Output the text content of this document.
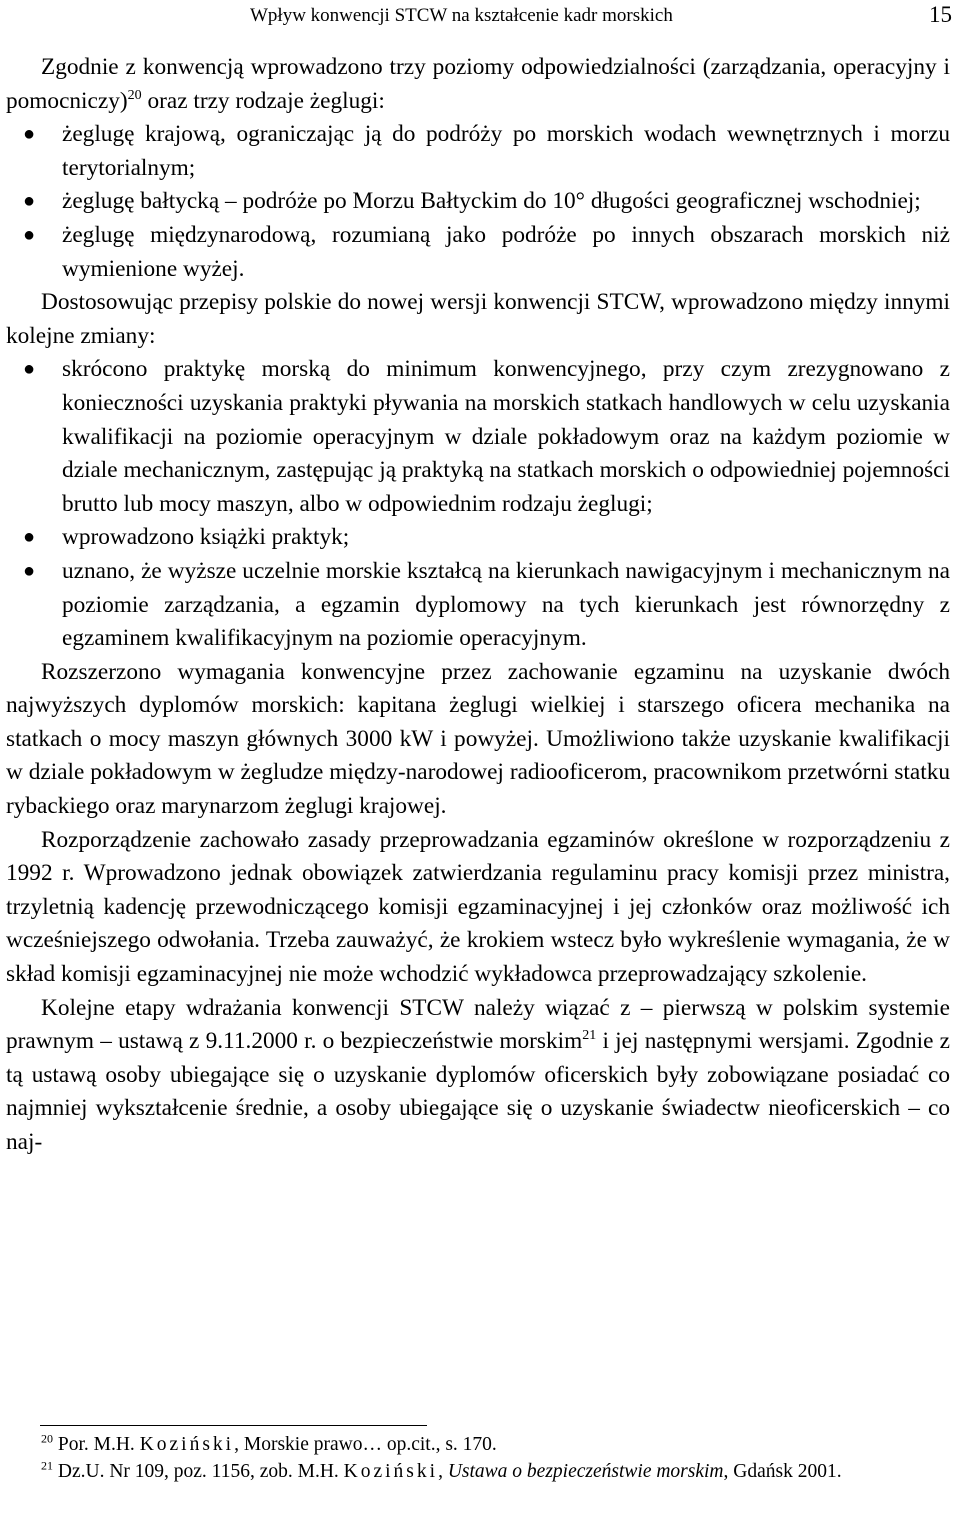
Wpływ konwencji STCW na kształcenie kadr morskich	15

Zgodnie z konwencją wprowadzono trzy poziomy odpowiedzialności (zarządzania, operacyjny i pomocniczy)$^{20}$ oraz trzy rodzaje żeglugi:

● żeglugę krajową, ograniczając ją do podróży po morskich wodach wewnętrznych i morzu terytorialnym;
● żeglugę bałtycką – podróże po Morzu Bałtyckim do 10° długości geograficznej wschodniej;
● żeglugę międzynarodową, rozumianą jako podróże po innych obszarach morskich niż wymienione wyżej.

Dostosowując przepisy polskie do nowej wersji konwencji STCW, wprowadzono między innymi kolejne zmiany:

● skrócono praktykę morską do minimum konwencyjnego, przy czym zrezygnowano z konieczności uzyskania praktyki pływania na morskich statkach handlowych w celu uzyskania kwalifikacji na poziomie operacyjnym w dziale pokładowym oraz na każdym poziomie w dziale mechanicznym, zastępując ją praktyką na statkach morskich o odpowiedniej pojemności brutto lub mocy maszyn, albo w odpowiednim rodzaju żeglugi;
● wprowadzono książki praktyk;
● uznano, że wyższe uczelnie morskie kształcą na kierunkach nawigacyjnym i mechanicznym na poziomie zarządzania, a egzamin dyplomowy na tych kierunkach jest równorzędny z egzaminem kwalifikacyjnym na poziomie operacyjnym.

Rozszerzono wymagania konwencyjne przez zachowanie egzaminu na uzyskanie dwóch najwyższych dyplomów morskich: kapitana żeglugi wielkiej i starszego oficera mechanika na statkach o mocy maszyn głównych 3000 kW i powyżej. Umożliwiono także uzyskanie kwalifikacji w dziale pokładowym w żegludze między-narodowej radiooficerom, pracownikom przetwórni statku rybackiego oraz marynarzom żeglugi krajowej.

Rozporządzenie zachowało zasady przeprowadzania egzaminów określone w rozporządzeniu z 1992 r. Wprowadzono jednak obowiązek zatwierdzania regulaminu pracy komisji przez ministra, trzyletnią kadencję przewodniczącego komisji egzaminacyjnej i jej członków oraz możliwość ich wcześniejszego odwołania. Trzeba zauważyć, że krokiem wstecz było wykreślenie wymagania, że w skład komisji egzaminacyjnej nie może wchodzić wykładowca przeprowadzający szkolenie.

Kolejne etapy wdrażania konwencji STCW należy wiązać z – pierwszą w polskim systemie prawnym – ustawą z 9.11.2000 r. o bezpieczeństwie morskim$^{21}$ i jej następnymi wersjami. Zgodnie z tą ustawą osoby ubiegające się o uzyskanie dyplomów oficerskich były zobowiązane posiadać co najmniej wykształcenie średnie, a osoby ubiegające się o uzyskanie świadectw nieoficerskich – co naj-

$^{20}$ Por. M.H. Koziński, Morskie prawo… op.cit., s. 170.
$^{21}$ Dz.U. Nr 109, poz. 1156, zob. M.H. Koziński, Ustawa o bezpieczeństwie morskim, Gdańsk 2001.
